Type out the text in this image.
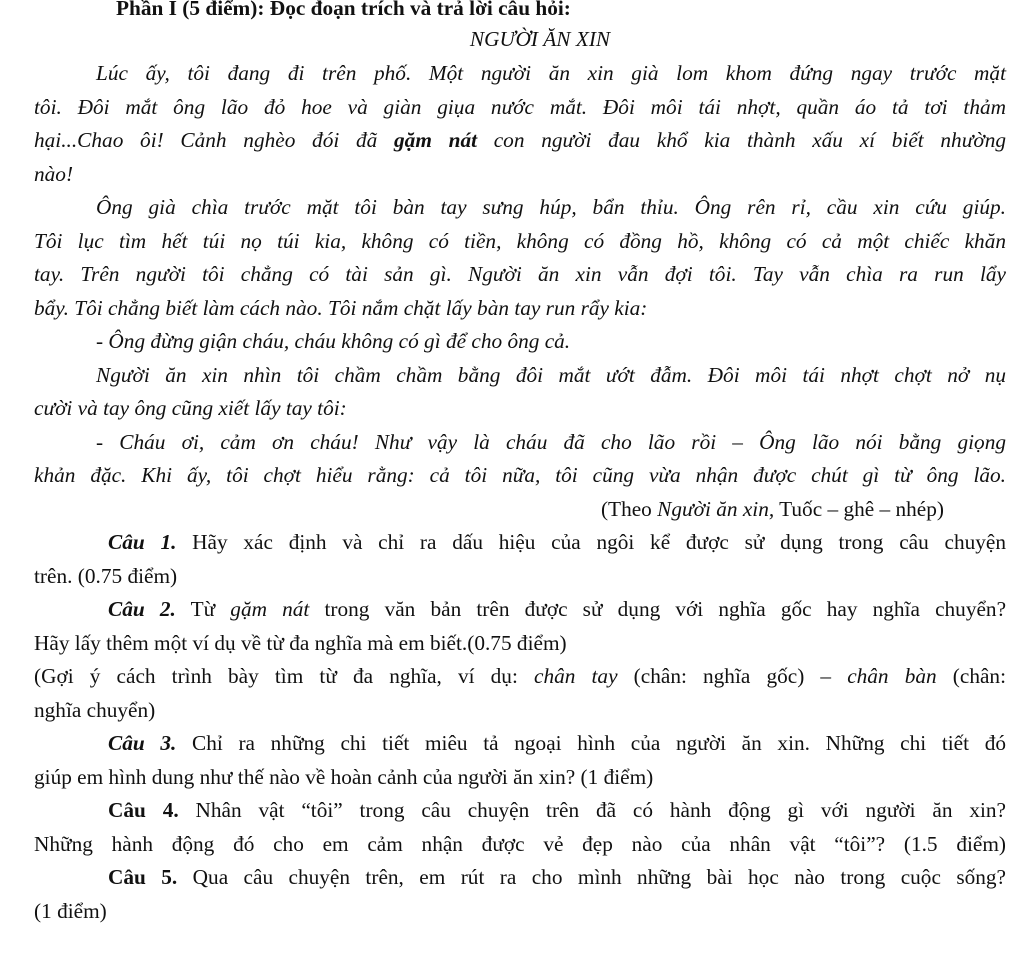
Phần I (5 điểm): Đọc đoạn trích và trả lời câu hỏi:
NGƯỜI ĂN XIN
Lúc ấy, tôi đang đi trên phố. Một người ăn xin già lom khom đứng ngay trước mặt
tôi. Đôi mắt ông lão đỏ hoe và giàn giụa nước mắt. Đôi môi tái nhợt, quần áo tả tơi thảm
hại...Chao ôi! Cảnh nghèo đói đã gặm nát con người đau khổ kia thành xấu xí biết nhường
nào!
Ông già chìa trước mặt tôi bàn tay sưng húp, bẩn thỉu. Ông rên rỉ, cầu xin cứu giúp.
Tôi lục tìm hết túi nọ túi kia, không có tiền, không có đồng hồ, không có cả một chiếc khăn
tay. Trên người tôi chẳng có tài sản gì. Người ăn xin vẫn đợi tôi. Tay vẫn chìa ra run lẩy
bẩy. Tôi chẳng biết làm cách nào. Tôi nắm chặt lấy bàn tay run rẩy kia:
- Ông đừng giận cháu, cháu không có gì để cho ông cả.
Người ăn xin nhìn tôi chầm chầm bằng đôi mắt ướt đẫm. Đôi môi tái nhợt chợt nở nụ
cười và tay ông cũng xiết lấy tay tôi:
- Cháu ơi, cảm ơn cháu! Như vậy là cháu đã cho lão rồi – Ông lão nói bằng giọng
khản đặc. Khi ấy, tôi chợt hiểu rằng: cả tôi nữa, tôi cũng vừa nhận được chút gì từ ông lão.
(Theo Người ăn xin, Tuốc – ghê – nhép)
Câu 1. Hãy xác định và chỉ ra dấu hiệu của ngôi kể được sử dụng trong câu chuyện
trên. (0.75 điểm)
Câu 2. Từ gặm nát trong văn bản trên được sử dụng với nghĩa gốc hay nghĩa chuyển?
Hãy lấy thêm một ví dụ về từ đa nghĩa mà em biết.(0.75 điểm)
(Gợi ý cách trình bày tìm từ đa nghĩa, ví dụ: chân tay (chân: nghĩa gốc) – chân bàn (chân:
nghĩa chuyển)
Câu 3. Chỉ ra những chi tiết miêu tả ngoại hình của người ăn xin. Những chi tiết đó
giúp em hình dung như thế nào về hoàn cảnh của người ăn xin? (1 điểm)
Câu 4. Nhân vật “tôi” trong câu chuyện trên đã có hành động gì với người ăn xin?
Những hành động đó cho em cảm nhận được vẻ đẹp nào của nhân vật “tôi”? (1.5 điểm)
Câu 5. Qua câu chuyện trên, em rút ra cho mình những bài học nào trong cuộc sống?
(1 điểm)
